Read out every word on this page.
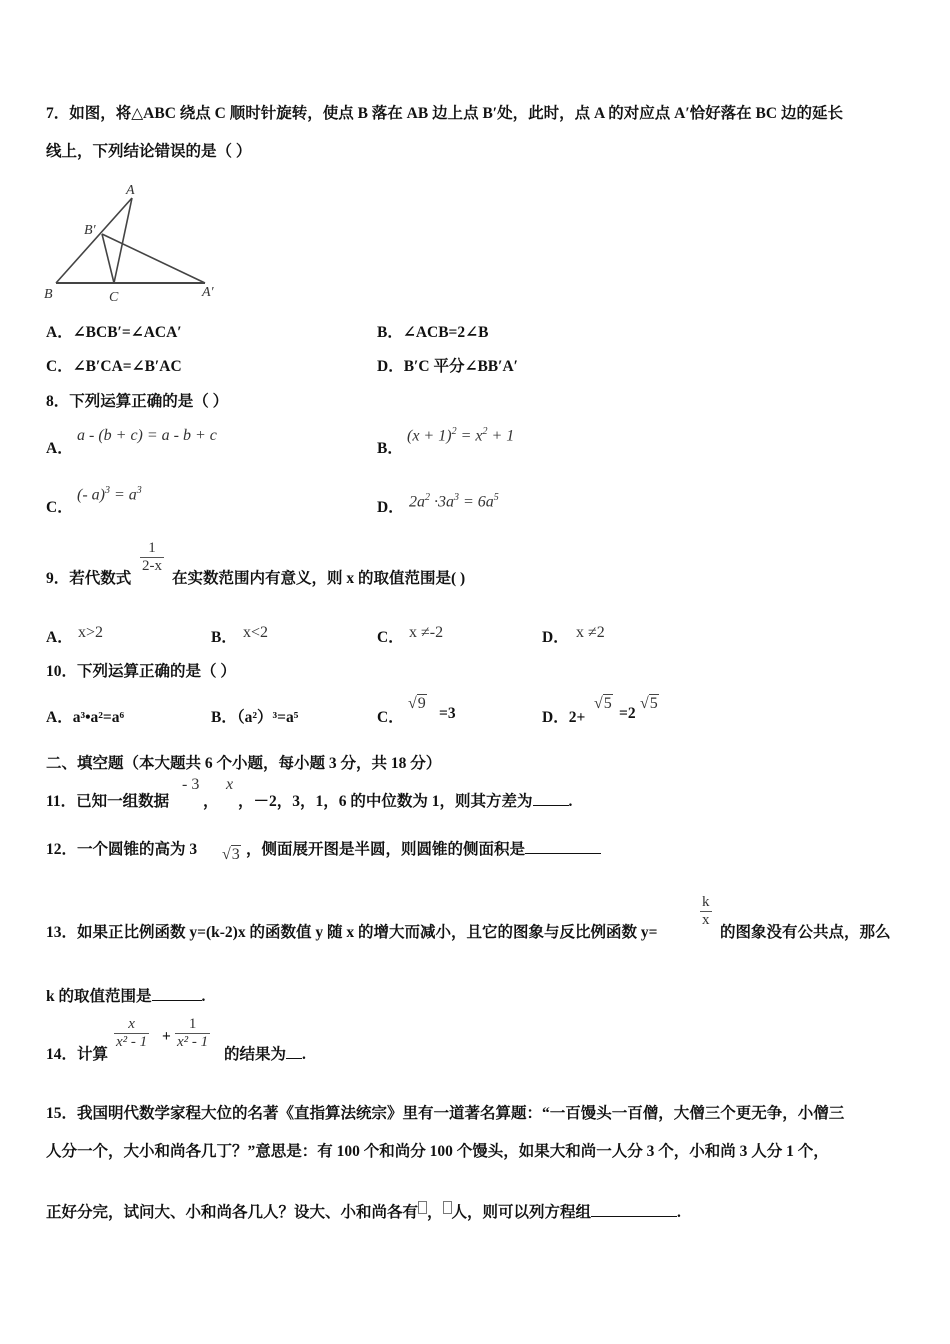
7．如图，将△ABC 绕点 C 顺时针旋转，使点 B 落在 AB 边上点 B′处，此时，点 A 的对应点 A′恰好落在 BC 边的延长
线上，下列结论错误的是（ ）
A
B′
B	C	A′
A．∠BCB′=∠ACA′	B．∠ACB=2∠B
C．∠B′CA=∠B′AC	D．B′C 平分∠BB′A′
8．下列运算正确的是（ ）
A．
a - (b + c) = a - b + c
B．
$(x + 1)^2 = x^2 + 1$
C．
(- $a)^3 = a^3$
D． $2a^2 \cdot 3a^3 = 6a^5$
9．若代数式
$\frac{1}{2-x}$
在实数范围内有意义，则 x 的取值范围是( )
A． x>2	B． x<2	C． x ≠-2	D． x ≠2
10．下列运算正确的是（ ）
A．a³•a²=a⁶	B．（a²）³=a⁵	C．
√9
=3	D．2+
√5
=2
√5
二、填空题（本大题共 6 个小题，每小题 3 分，共 18 分）
11．已知一组数据
- 3
，
x
，－2，3，1，6 的中位数为 1，则其方差为 .
12．一个圆锥的高为 3 √3 ，侧面展开图是半圆，则圆锥的侧面积是
13．如果正比例函数 y=(k-2)x 的函数值 y 随 x 的增大而减小，且它的图象与反比例函数 y=
$\frac{k}{x}$
的图象没有公共点，那么
k 的取值范围是	.
14．计算
$\frac{x}{\text{x² - 1}} + \frac{1}{\text{x² - 1}}$
的结果为 .
15．我国明代数学家程大位的名著《直指算法统宗》里有一道著名算题：“一百馒头一百僧，大僧三个更无争，小僧三
人分一个，大小和尚各几丁？”意思是：有 100 个和尚分 100 个馒头，如果大和尚一人分 3 个，小和尚 3 人分 1 个，
正好分完，试问大、小和尚各几人？设大、小和尚各有 ， 人，则可以列方程组	.
